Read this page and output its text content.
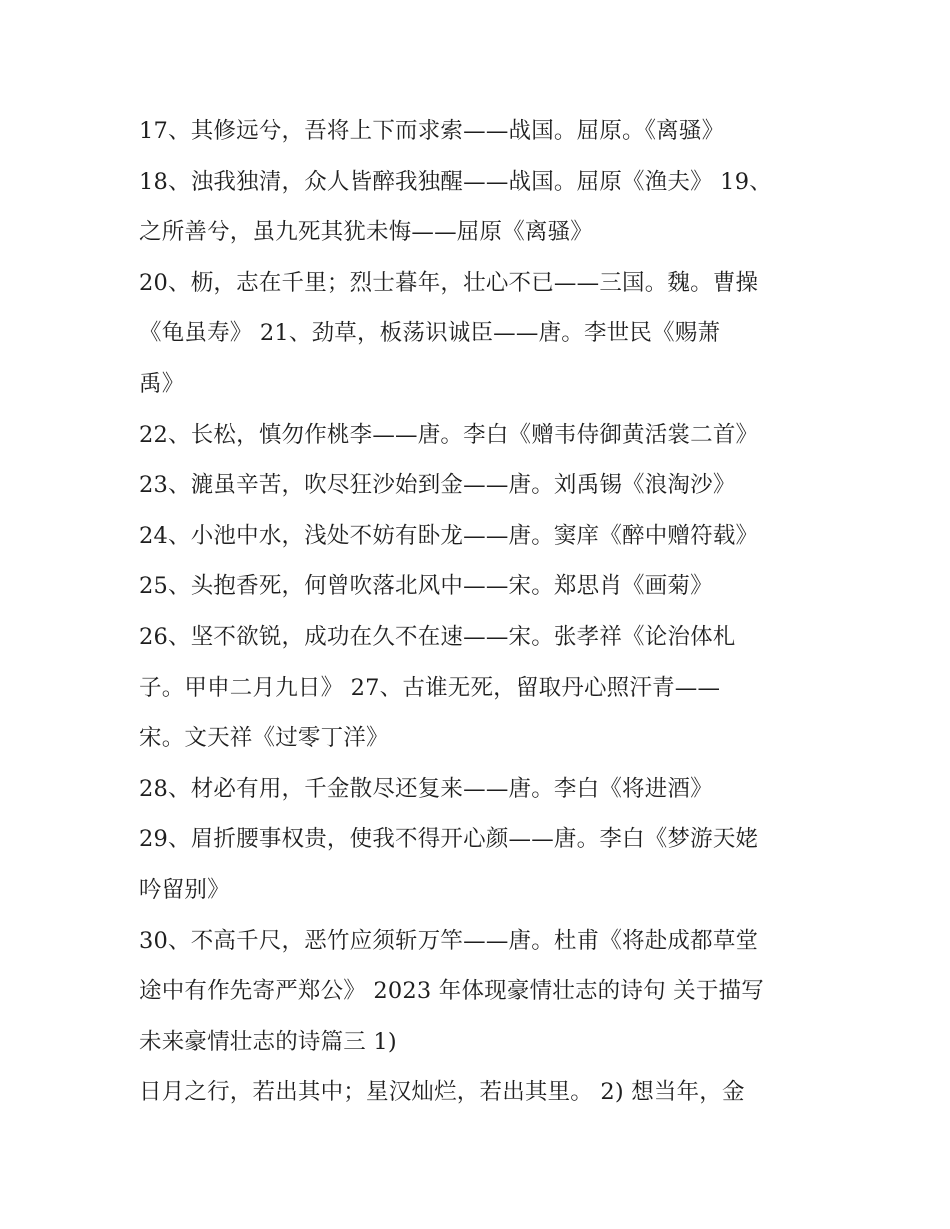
17、其修远兮，吾将上下而求索——战国。屈原。《离骚》
18、浊我独清，众人皆醉我独醒——战国。屈原《渔夫》 19、
之所善兮，虽九死其犹未悔——屈原《离骚》
20、枥，志在千里；烈士暮年，壮心不已——三国。魏。曹操
《龟虽寿》 21、劲草，板荡识诚臣——唐。李世民《赐萧
禹》
22、长松，慎勿作桃李——唐。李白《赠韦侍御黄活裳二首》
23、漉虽辛苦，吹尽狂沙始到金——唐。刘禹锡《浪淘沙》
24、小池中水，浅处不妨有卧龙——唐。窦庠《醉中赠符载》
25、头抱香死，何曾吹落北风中——宋。郑思肖《画菊》
26、坚不欲锐，成功在久不在速——宋。张孝祥《论治体札
子。甲申二月九日》 27、古谁无死，留取丹心照汗青——
宋。文天祥《过零丁洋》
28、材必有用，千金散尽还复来——唐。李白《将进酒》
29、眉折腰事权贵，使我不得开心颜——唐。李白《梦游天姥
吟留别》
30、不高千尺，恶竹应须斩万竿——唐。杜甫《将赴成都草堂
途中有作先寄严郑公》 2023 年体现豪情壮志的诗句 关于描写
未来豪情壮志的诗篇三 1)
日月之行，若出其中；星汉灿烂，若出其里。 2) 想当年，金
